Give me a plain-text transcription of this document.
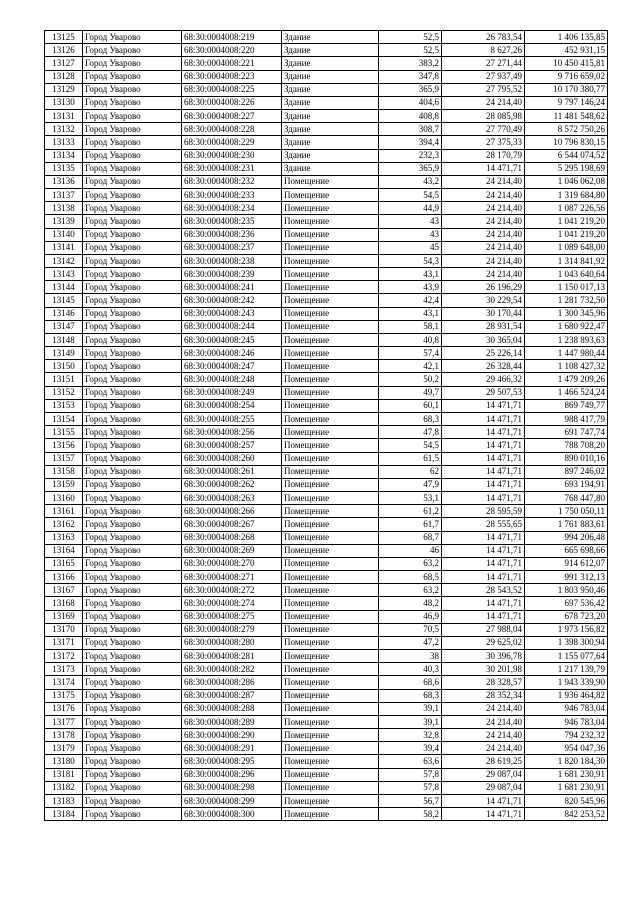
13125	Город Уварово	68:30:0004008:219	Здание	52,5	26 783,54	1 406 135,85
13126	Город Уварово	68:30:0004008:220	Здание	52,5	8 627,26	452 931,15
13127	Город Уварово	68:30:0004008:221	Здание	383,2	27 271,44	10 450 415,81
13128	Город Уварово	68:30:0004008:223	Здание	347,8	27 937,49	9 716 659,02
13129	Город Уварово	68:30:0004008:225	Здание	365,9	27 795,52	10 170 380,77
13130	Город Уварово	68:30:0004008:226	Здание	404,6	24 214,40	9 797 146,24
13131	Город Уварово	68:30:0004008:227	Здание	408,8	28 085,98	11 481 548,62
13132	Город Уварово	68:30:0004008:228	Здание	308,7	27 770,49	8 572 750,26
13133	Город Уварово	68:30:0004008:229	Здание	394,4	27 375,33	10 796 830,15
13134	Город Уварово	68:30:0004008:230	Здание	232,3	28 170,79	6 544 074,52
13135	Город Уварово	68:30:0004008:231	Здание	365,9	14 471,71	5 295 198,69
13136	Город Уварово	68:30:0004008:232	Помещение	43,2	24 214,40	1 046 062,08
13137	Город Уварово	68:30:0004008:233	Помещение	54,5	24 214,40	1 319 684,80
13138	Город Уварово	68:30:0004008:234	Помещение	44,9	24 214,40	1 087 226,56
13139	Город Уварово	68:30:0004008:235	Помещение	43	24 214,40	1 041 219,20
13140	Город Уварово	68:30:0004008:236	Помещение	43	24 214,40	1 041 219,20
13141	Город Уварово	68:30:0004008:237	Помещение	45	24 214,40	1 089 648,00
13142	Город Уварово	68:30:0004008:238	Помещение	54,3	24 214,40	1 314 841,92
13143	Город Уварово	68:30:0004008:239	Помещение	43,1	24 214,40	1 043 640,64
13144	Город Уварово	68:30:0004008:241	Помещение	43,9	26 196,29	1 150 017,13
13145	Город Уварово	68:30:0004008:242	Помещение	42,4	30 229,54	1 281 732,50
13146	Город Уварово	68:30:0004008:243	Помещение	43,1	30 170,44	1 300 345,96
13147	Город Уварово	68:30:0004008:244	Помещение	58,1	28 931,54	1 680 922,47
13148	Город Уварово	68:30:0004008:245	Помещение	40,8	30 365,04	1 238 893,63
13149	Город Уварово	68:30:0004008:246	Помещение	57,4	25 226,14	1 447 980,44
13150	Город Уварово	68:30:0004008:247	Помещение	42,1	26 328,44	1 108 427,32
13151	Город Уварово	68:30:0004008:248	Помещение	50,2	29 466,32	1 479 209,26
13152	Город Уварово	68:30:0004008:249	Помещение	49,7	29 507,53	1 466 524,24
13153	Город Уварово	68:30:0004008:254	Помещение	60,1	14 471,71	869 749,77
13154	Город Уварово	68:30:0004008:255	Помещение	68,3	14 471,71	988 417,79
13155	Город Уварово	68:30:0004008:256	Помещение	47,8	14 471,71	691 747,74
13156	Город Уварово	68:30:0004008:257	Помещение	54,5	14 471,71	788 708,20
13157	Город Уварово	68:30:0004008:260	Помещение	61,5	14 471,71	890 010,16
13158	Город Уварово	68:30:0004008:261	Помещение	62	14 471,71	897 246,02
13159	Город Уварово	68:30:0004008:262	Помещение	47,9	14 471,71	693 194,91
13160	Город Уварово	68:30:0004008:263	Помещение	53,1	14 471,71	768 447,80
13161	Город Уварово	68:30:0004008:266	Помещение	61,2	28 595,59	1 750 050,11
13162	Город Уварово	68:30:0004008:267	Помещение	61,7	28 555,65	1 761 883,61
13163	Город Уварово	68:30:0004008:268	Помещение	68,7	14 471,71	994 206,48
13164	Город Уварово	68:30:0004008:269	Помещение	46	14 471,71	665 698,66
13165	Город Уварово	68:30:0004008:270	Помещение	63,2	14 471,71	914 612,07
13166	Город Уварово	68:30:0004008:271	Помещение	68,5	14 471,71	991 312,13
13167	Город Уварово	68:30:0004008:272	Помещение	63,2	28 543,52	1 803 950,46
13168	Город Уварово	68:30:0004008:274	Помещение	48,2	14 471,71	697 536,42
13169	Город Уварово	68:30:0004008:275	Помещение	46,9	14 471,71	678 723,20
13170	Город Уварово	68:30:0004008:279	Помещение	70,5	27 988,04	1 973 156,82
13171	Город Уварово	68:30:0004008:280	Помещение	47,2	29 625,02	1 398 300,94
13172	Город Уварово	68:30:0004008:281	Помещение	38	30 396,78	1 155 077,64
13173	Город Уварово	68:30:0004008:282	Помещение	40,3	30 201,98	1 217 139,79
13174	Город Уварово	68:30:0004008:286	Помещение	68,6	28 328,57	1 943 339,90
13175	Город Уварово	68:30:0004008:287	Помещение	68,3	28 352,34	1 936 464,82
13176	Город Уварово	68:30:0004008:288	Помещение	39,1	24 214,40	946 783,04
13177	Город Уварово	68:30:0004008:289	Помещение	39,1	24 214,40	946 783,04
13178	Город Уварово	68:30:0004008:290	Помещение	32,8	24 214,40	794 232,32
13179	Город Уварово	68:30:0004008:291	Помещение	39,4	24 214,40	954 047,36
13180	Город Уварово	68:30:0004008:295	Помещение	63,6	28 619,25	1 820 184,30
13181	Город Уварово	68:30:0004008:296	Помещение	57,8	29 087,04	1 681 230,91
13182	Город Уварово	68:30:0004008:298	Помещение	57,8	29 087,04	1 681 230,91
13183	Город Уварово	68:30:0004008:299	Помещение	56,7	14 471,71	820 545,96
13184	Город Уварово	68:30:0004008:300	Помещение	58,2	14 471,71	842 253,52
